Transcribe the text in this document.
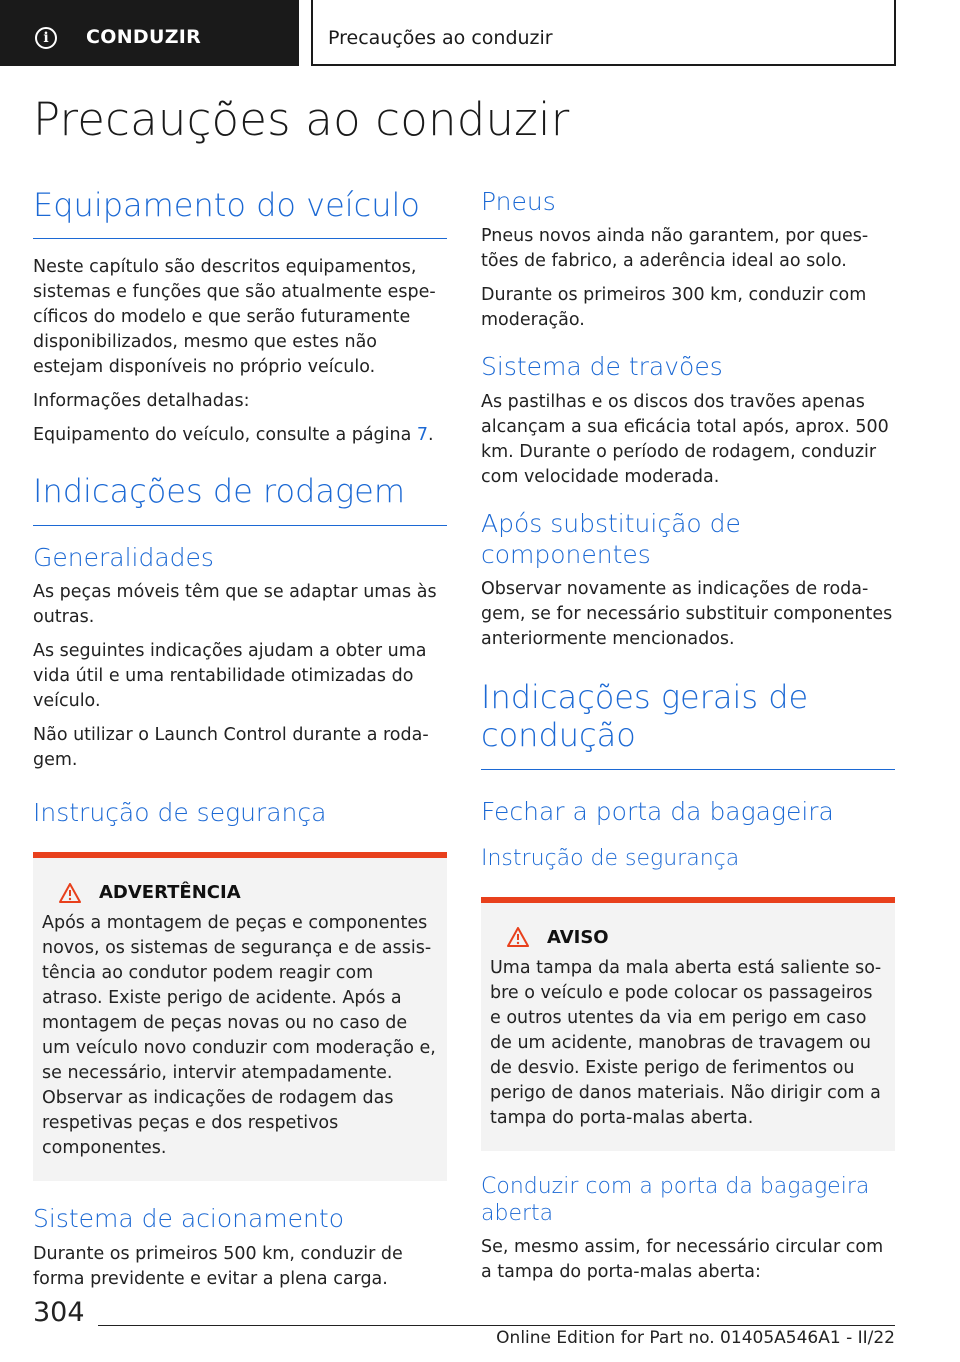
i	CONDUZIR	Precauções ao conduzir
Precauções ao conduzir
Equipamento do veículo

Neste capítulo são descritos equipamentos, sistemas e funções que são atualmente específicos do modelo e que serão futuramente disponibilizados, mesmo que estes não estejam disponíveis no próprio veículo.

Informações detalhadas:

Equipamento do veículo, consulte a página 7.

Indicações de rodagem
Generalidades

As peças móveis têm que se adaptar umas às outras.

As seguintes indicações ajudam a obter uma vida útil e uma rentabilidade otimizadas do veículo.

Não utilizar o Launch Control durante a rodagem.

Instrução de segurança
ADVERTÊNCIA

Após a montagem de peças e componentes novos, os sistemas de segurança e de assistência ao condutor podem reagir com atraso. Existe perigo de acidente. Após a montagem de peças novas ou no caso de um veículo novo conduzir com moderação e, se necessário, intervir atempadamente. Observar as indicações de rodagem das respetivas peças e dos respetivos componentes.

Sistema de acionamento

Durante os primeiros 500 km, conduzir de forma previdente e evitar a plena carga.

Pneus

Pneus novos ainda não garantem, por questões de fabrico, a aderência ideal ao solo.

Durante os primeiros 300 km, conduzir com moderação.

Sistema de travões

As pastilhas e os discos dos travões apenas alcançam a sua eficácia total após, aprox. 500 km. Durante o período de rodagem, conduzir com velocidade moderada.

Após substituição de componentes

Observar novamente as indicações de rodagem, se for necessário substituir componentes anteriormente mencionados.

Indicações gerais de condução
Fechar a porta da bagageira
Instrução de segurança
AVISO

Uma tampa da mala aberta está saliente sobre o veículo e pode colocar os passageiros e outros utentes da via em perigo em caso de um acidente, manobras de travagem ou de desvio. Existe perigo de ferimentos ou perigo de danos materiais. Não dirigir com a tampa do porta-malas aberta.

Conduzir com a porta da bagageira aberta

Se, mesmo assim, for necessário circular com a tampa do porta-malas aberta:

304
Online Edition for Part no. 01405A546A1 - II/22
